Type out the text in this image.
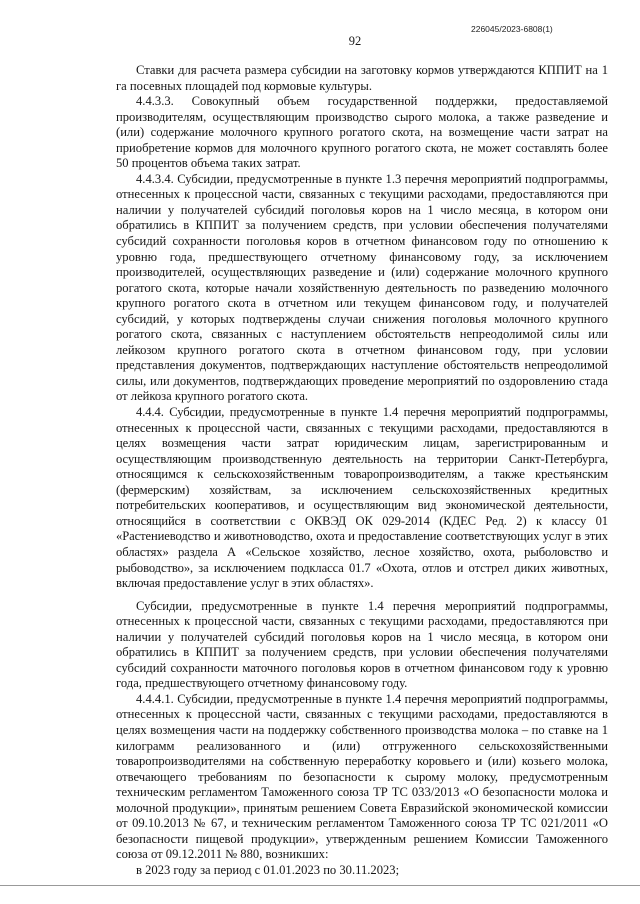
226045/2023-6808(1)
92

Ставки для расчета размера субсидии на заготовку кормов утверждаются КППИТ на 1 га посевных площадей под кормовые культуры.

4.4.3.3. Совокупный объем государственной поддержки, предоставляемой производителям, осуществляющим производство сырого молока, а также разведение и (или) содержание молочного крупного рогатого скота, на возмещение части затрат на приобретение кормов для молочного крупного рогатого скота, не может составлять более 50 процентов объема таких затрат.

4.4.3.4. Субсидии, предусмотренные в пункте 1.3 перечня мероприятий подпрограммы, отнесенных к процессной части, связанных с текущими расходами, предоставляются при наличии у получателей субсидий поголовья коров на 1 число месяца, в котором они обратились в КППИТ за получением средств, при условии обеспечения получателями субсидий сохранности поголовья коров в отчетном финансовом году по отношению к уровню года, предшествующего отчетному финансовому году, за исключением производителей, осуществляющих разведение и (или) содержание молочного крупного рогатого скота, которые начали хозяйственную деятельность по разведению молочного крупного рогатого скота в отчетном или текущем финансовом году, и получателей субсидий, у которых подтверждены случаи снижения поголовья молочного крупного рогатого скота, связанных с наступлением обстоятельств непреодолимой силы или лейкозом крупного рогатого скота в отчетном финансовом году, при условии представления документов, подтверждающих наступление обстоятельств непреодолимой силы, или документов, подтверждающих проведение мероприятий по оздоровлению стада от лейкоза крупного рогатого скота.

4.4.4. Субсидии, предусмотренные в пункте 1.4 перечня мероприятий подпрограммы, отнесенных к процессной части, связанных с текущими расходами, предоставляются в целях возмещения части затрат юридическим лицам, зарегистрированным и осуществляющим производственную деятельность на территории Санкт-Петербурга, относящимся к сельскохозяйственным товаропроизводителям, а также крестьянским (фермерским) хозяйствам, за исключением сельскохозяйственных кредитных потребительских кооперативов, и осуществляющим вид экономической деятельности, относящийся в соответствии с ОКВЭД ОК 029-2014 (КДЕС Ред. 2) к классу 01 «Растениеводство и животноводство, охота и предоставление соответствующих услуг в этих областях» раздела А «Сельское хозяйство, лесное хозяйство, охота, рыболовство и рыбоводство», за исключением подкласса 01.7 «Охота, отлов и отстрел диких животных, включая предоставление услуг в этих областях».

Субсидии, предусмотренные в пункте 1.4 перечня мероприятий подпрограммы, отнесенных к процессной части, связанных с текущими расходами, предоставляются при наличии у получателей субсидий поголовья коров на 1 число месяца, в котором они обратились в КППИТ за получением средств, при условии обеспечения получателями субсидий сохранности маточного поголовья коров в отчетном финансовом году к уровню года, предшествующего отчетному финансовому году.

4.4.4.1. Субсидии, предусмотренные в пункте 1.4 перечня мероприятий подпрограммы, отнесенных к процессной части, связанных с текущими расходами, предоставляются в целях возмещения части на поддержку собственного производства молока – по ставке на 1 килограмм реализованного и (или) отгруженного сельскохозяйственными товаропроизводителями на собственную переработку коровьего и (или) козьего молока, отвечающего требованиям по безопасности к сырому молоку, предусмотренным техническим регламентом Таможенного союза ТР ТС 033/2013 «О безопасности молока и молочной продукции», принятым решением Совета Евразийской экономической комиссии от 09.10.2013 № 67, и техническим регламентом Таможенного союза ТР ТС 021/2011 «О безопасности пищевой продукции», утвержденным решением Комиссии Таможенного союза от 09.12.2011 № 880, возникших:

в 2023 году за период с 01.01.2023 по 30.11.2023;
